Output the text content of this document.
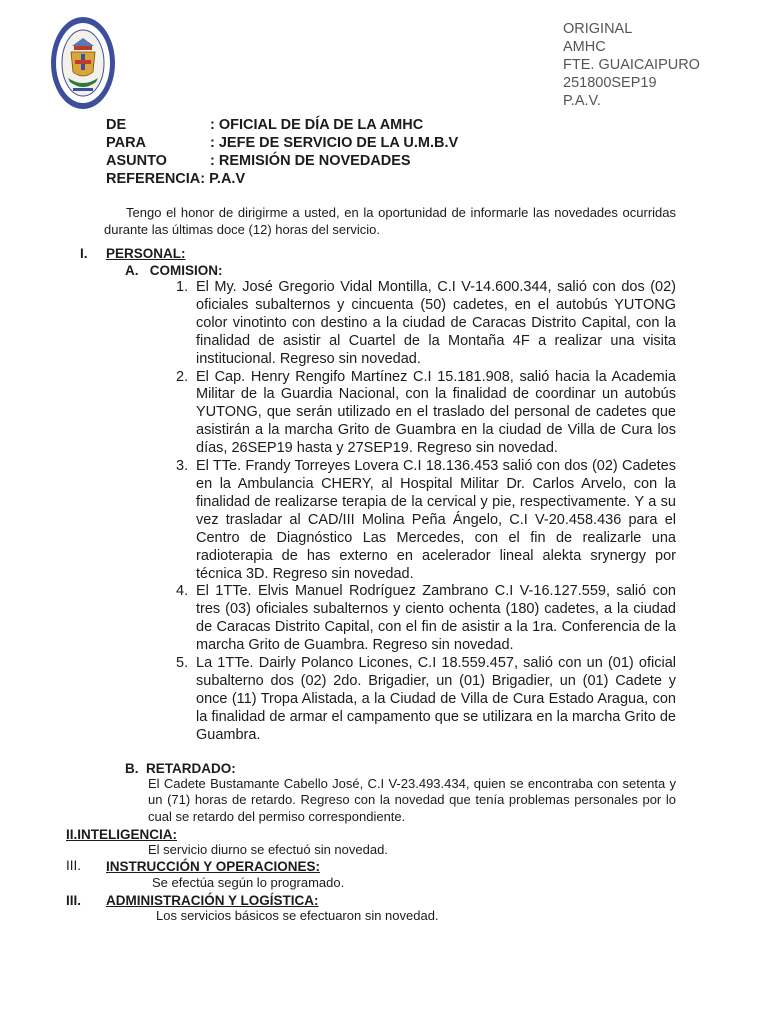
ORIGINAL
AMHC
FTE. GUAICAIPURO
251800SEP19
P.A.V.
DE	: OFICIAL DE DÍA DE LA AMHC
PARA	: JEFE DE SERVICIO DE LA U.M.B.V
ASUNTO	: REMISIÓN DE NOVEDADES
REFERENCIA: P.A.V

Tengo el honor de dirigirme a usted, en la oportunidad de informarle las novedades ocurridas durante las últimas doce (12) horas del servicio.

I. PERSONAL:
A. COMISION:
1. El My. José Gregorio Vidal Montilla, C.I V-14.600.344, salió con dos (02) oficiales subalternos y cincuenta (50) cadetes, en el autobús YUTONG color vinotinto con destino a la ciudad de Caracas Distrito Capital, con la finalidad de asistir al Cuartel de la Montaña 4F a realizar una visita institucional. Regreso sin novedad.
2. El Cap. Henry Rengifo Martínez C.I 15.181.908, salió hacia la Academia Militar de la Guardia Nacional, con la finalidad de coordinar un autobús YUTONG, que serán utilizado en el traslado del personal de cadetes que asistirán a la marcha Grito de Guambra en la ciudad de Villa de Cura los días, 26SEP19 hasta y 27SEP19. Regreso sin novedad.
3. El TTe. Frandy Torreyes Lovera C.I 18.136.453 salió con dos (02) Cadetes en la Ambulancia CHERY, al Hospital Militar Dr. Carlos Arvelo, con la finalidad de realizarse terapia de la cervical y pie, respectivamente. Y a su vez trasladar al CAD/III Molina Peña Ángelo, C.I V-20.458.436 para el Centro de Diagnóstico Las Mercedes, con el fin de realizarle una radioterapia de has externo en acelerador lineal alekta srynergy por técnica 3D. Regreso sin novedad.
4. El 1TTe. Elvis Manuel Rodríguez Zambrano C.I V-16.127.559, salió con tres (03) oficiales subalternos y ciento ochenta (180) cadetes, a la ciudad de Caracas Distrito Capital, con el fin de asistir a la 1ra. Conferencia de la marcha Grito de Guambra. Regreso sin novedad.
5. La 1TTe. Dairly Polanco Licones, C.I 18.559.457, salió con un (01) oficial subalterno dos (02) 2do. Brigadier, un (01) Brigadier, un (01) Cadete y once (11) Tropa Alistada, a la Ciudad de Villa de Cura Estado Aragua, con la finalidad de armar el campamento que se utilizara en la marcha Grito de Guambra.
B. RETARDADO:
El Cadete Bustamante Cabello José, C.I V-23.493.434, quien se encontraba con setenta y un (71) horas de retardo. Regreso con la novedad que tenía problemas personales por lo cual se retardo del permiso correspondiente.
II.INTELIGENCIA:
El servicio diurno se efectuó sin novedad.
III. INSTRUCCIÓN Y OPERACIONES:
Se efectúa según lo programado.
III. ADMINISTRACIÓN Y LOGÍSTICA:
Los servicios básicos se efectuaron sin novedad.
